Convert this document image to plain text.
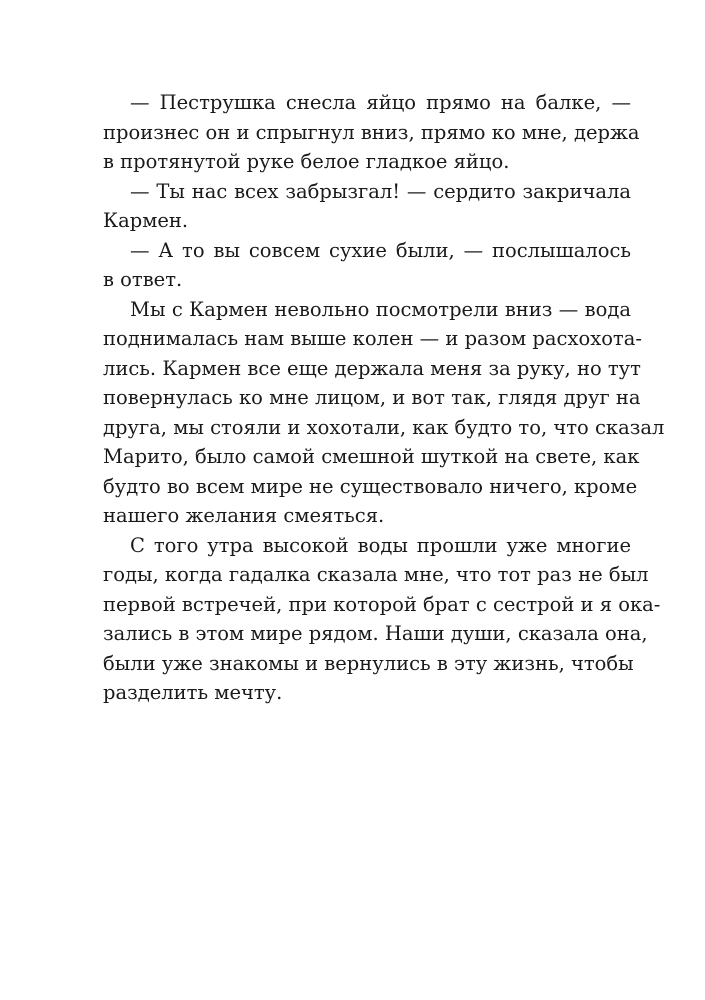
— Пеструшка снесла яйцо прямо на балке, —
произнес он и спрыгнул вниз, прямо ко мне, держа
в протянутой руке белое гладкое яйцо.

— Ты нас всех забрызгал! — сердито закричала
Кармен.

— А то вы совсем сухие были, — послышалось
в ответ.

Мы с Кармен невольно посмотрели вниз — вода
поднималась нам выше колен — и разом расхохота-
лись. Кармен все еще держала меня за руку, но тут
повернулась ко мне лицом, и вот так, глядя друг на
друга, мы стояли и хохотали, как будто то, что сказал
Марито, было самой смешной шуткой на свете, как
будто во всем мире не существовало ничего, кроме
нашего желания смеяться.

С того утра высокой воды прошли уже многие
годы, когда гадалка сказала мне, что тот раз не был
первой встречей, при которой брат с сестрой и я ока-
зались в этом мире рядом. Наши души, сказала она,
были уже знакомы и вернулись в эту жизнь, чтобы
разделить мечту.
